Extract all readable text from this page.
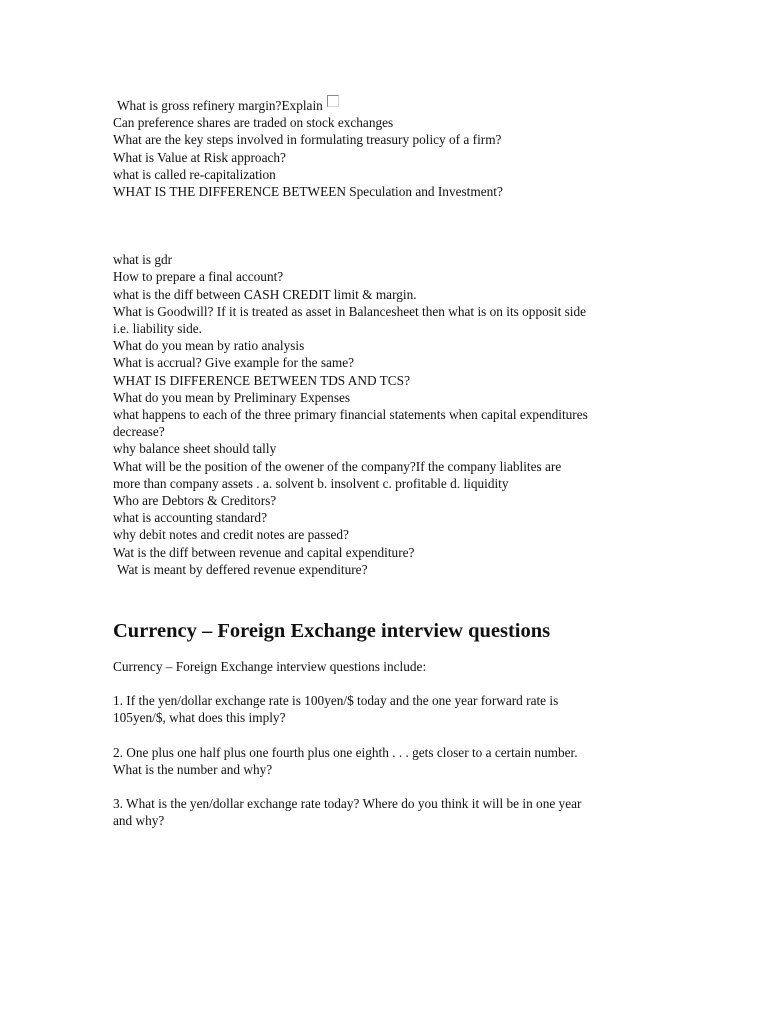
What is gross refinery margin?Explain
Can preference shares are traded on stock exchanges
What are the key steps involved in formulating treasury policy of a firm?
What is Value at Risk approach?
what is called re-capitalization
WHAT IS THE DIFFERENCE BETWEEN Speculation and Investment?
what is gdr
How to prepare a final account?
what is the diff between CASH CREDIT limit & margin.
What is Goodwill? If it is treated as asset in Balancesheet then what is on its opposit side
i.e. liability side.
What do you mean by ratio analysis
What is accrual? Give example for the same?
WHAT IS DIFFERENCE BETWEEN TDS AND TCS?
What do you mean by Preliminary Expenses
what happens to each of the three primary financial statements when capital expenditures
decrease?
why balance sheet should tally
What will be the position of the owener of the company?If the company liablites are
more than company assets . a. solvent b. insolvent c. profitable d. liquidity
Who are Debtors & Creditors?
what is accounting standard?
why debit notes and credit notes are passed?
Wat is the diff between revenue and capital expenditure?
Wat is meant by deffered revenue expenditure?
Currency – Foreign Exchange interview questions
Currency – Foreign Exchange interview questions include:
1. If the yen/dollar exchange rate is 100yen/$ today and the one year forward rate is
105yen/$, what does this imply?
2. One plus one half plus one fourth plus one eighth . . . gets closer to a certain number.
What is the number and why?
3. What is the yen/dollar exchange rate today? Where do you think it will be in one year
and why?
